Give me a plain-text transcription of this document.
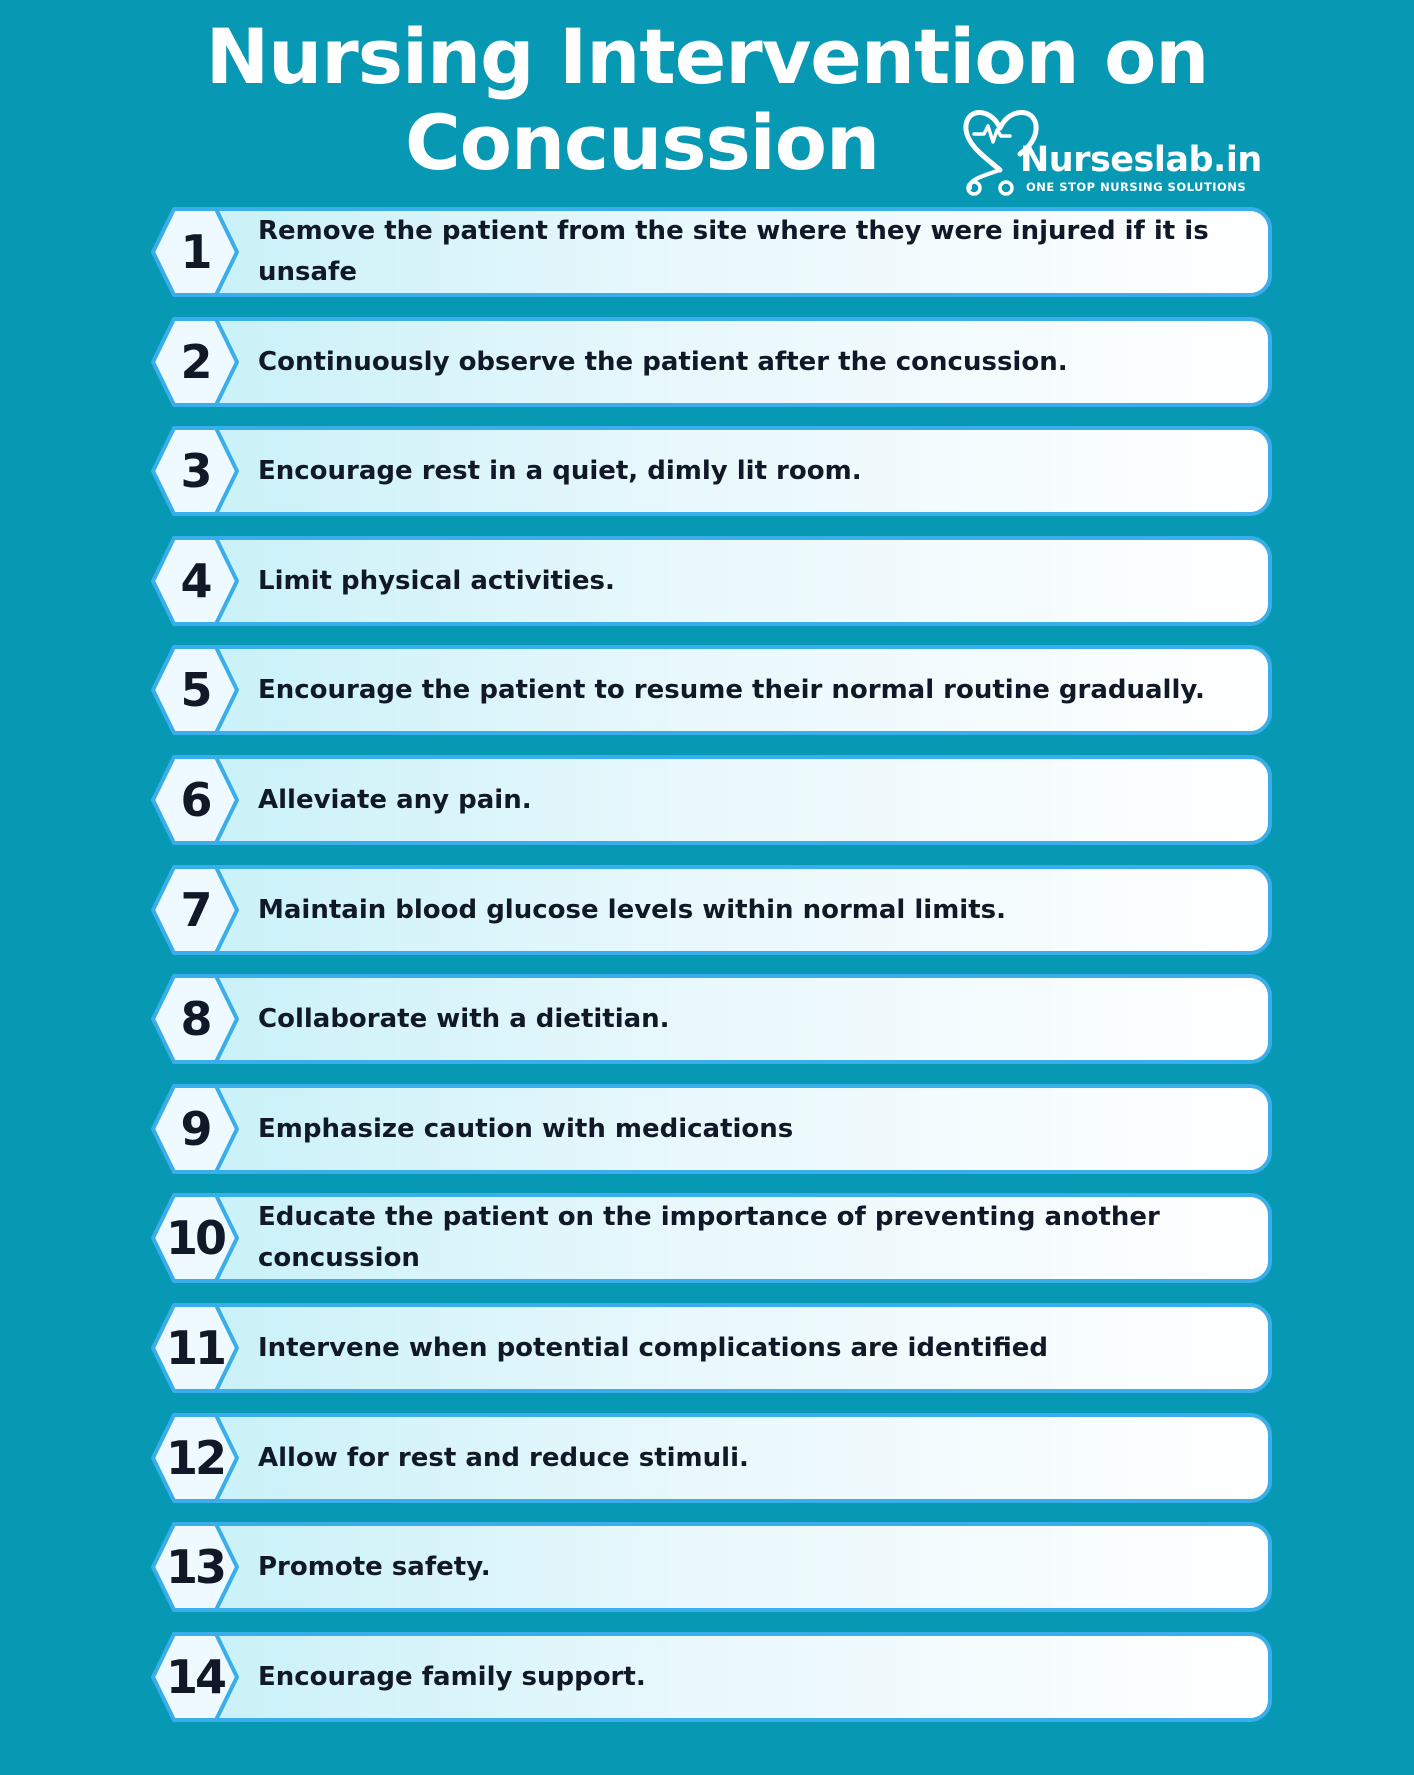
Nursing Intervention on
Concussion	Nurseslab.in
ONE STOP NURSING SOLUTIONS
Remove the patient from the site where they were injured if it is unsafe
1
Continuously observe the patient after the concussion.
2
Encourage rest in a quiet, dimly lit room.
3
Limit physical activities.
4
Encourage the patient to resume their normal routine gradually.
5
Alleviate any pain.
6
Maintain blood glucose levels within normal limits.
7
Collaborate with a dietitian.
8
Emphasize caution with medications
9
Educate the patient on the importance of preventing another concussion
10
Intervene when potential complications are identified
11
Allow for rest and reduce stimuli.
12
Promote safety.
13
Encourage family support.
14
